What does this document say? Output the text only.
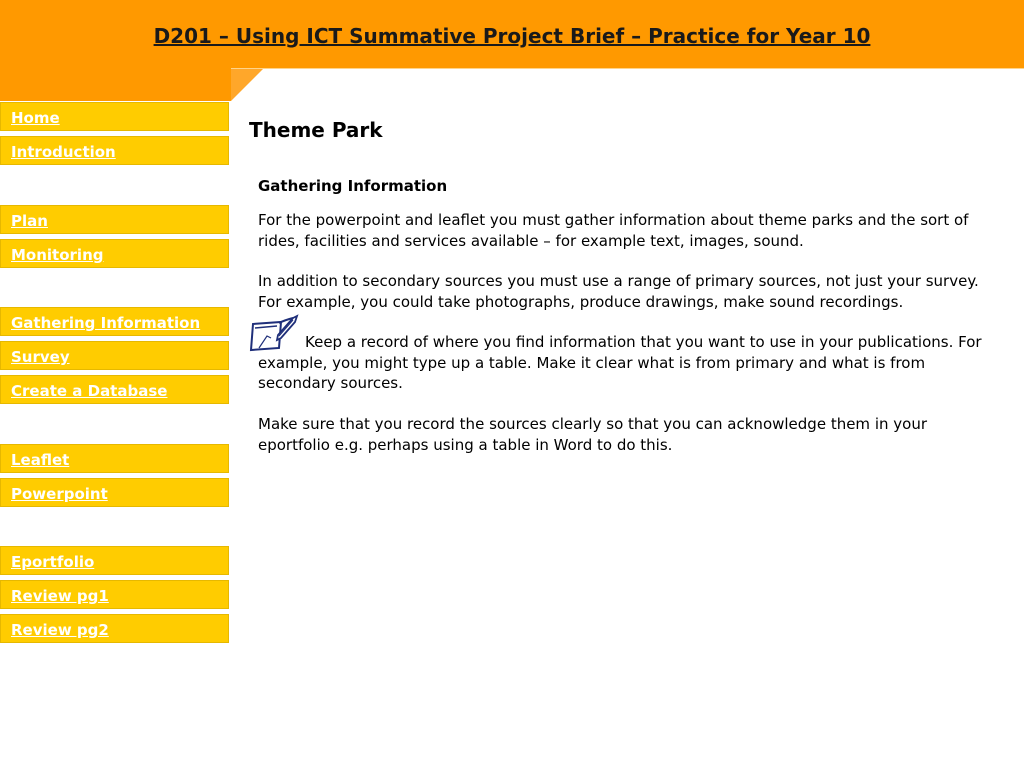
D201 – Using ICT Summative Project Brief – Practice for Year 10
Home
Introduction
Plan
Monitoring
Gathering Information
Survey
Create a Database
Leaflet
Powerpoint
Eportfolio
Review pg1
Review pg2
Theme Park
Gathering Information

For the powerpoint and leaflet you must gather information about theme parks and the sort of rides, facilities and services available – for example text, images, sound.

In addition to secondary sources you must use a range of primary sources, not just your survey. For example, you could take photographs, produce drawings, make sound recordings.

Keep a record of where you find information that you want to use in your publications. For example, you might type up a table. Make it clear what is from primary and what is from secondary sources.

Make sure that you record the sources clearly so that you can acknowledge them in your eportfolio e.g. perhaps using a table in Word to do this.
